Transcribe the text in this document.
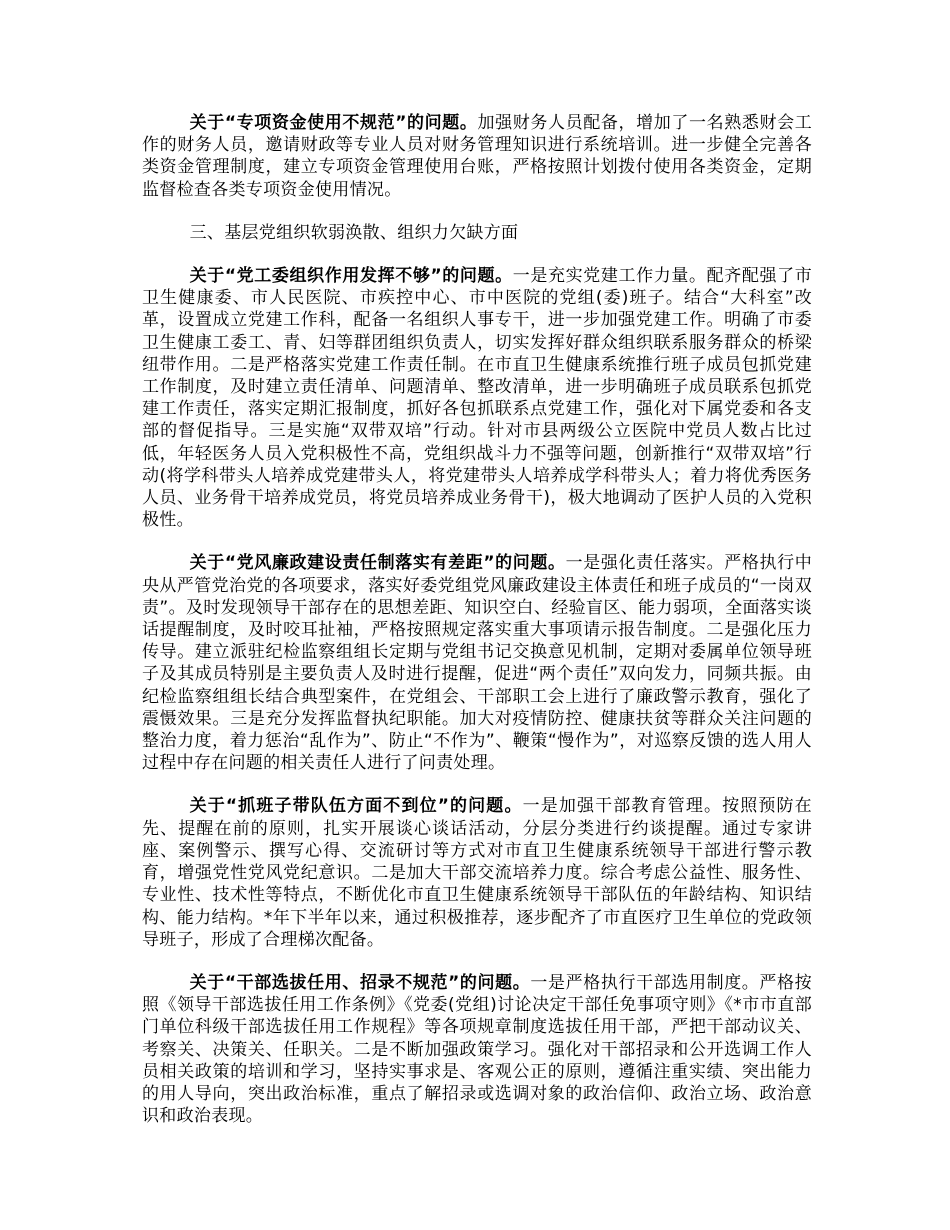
关于“专项资金使用不规范”的问题。加强财务人员配备，增加了一名熟悉财会工作的财务人员，邀请财政等专业人员对财务管理知识进行系统培训。进一步健全完善各类资金管理制度，建立专项资金管理使用台账，严格按照计划拨付使用各类资金，定期监督检查各类专项资金使用情况。

三、基层党组织软弱涣散、组织力欠缺方面

关于“党工委组织作用发挥不够”的问题。一是充实党建工作力量。配齐配强了市卫生健康委、市人民医院、市疾控中心、市中医院的党组(委)班子。结合“大科室”改革，设置成立党建工作科，配备一名组织人事专干，进一步加强党建工作。明确了市委卫生健康工委工、青、妇等群团组织负责人，切实发挥好群众组织联系服务群众的桥梁纽带作用。二是严格落实党建工作责任制。在市直卫生健康系统推行班子成员包抓党建工作制度，及时建立责任清单、问题清单、整改清单，进一步明确班子成员联系包抓党建工作责任，落实定期汇报制度，抓好各包抓联系点党建工作，强化对下属党委和各支部的督促指导。三是实施“双带双培”行动。针对市县两级公立医院中党员人数占比过低，年轻医务人员入党积极性不高，党组织战斗力不强等问题，创新推行“双带双培”行动(将学科带头人培养成党建带头人，将党建带头人培养成学科带头人；着力将优秀医务人员、业务骨干培养成党员，将党员培养成业务骨干)，极大地调动了医护人员的入党积极性。

关于“党风廉政建设责任制落实有差距”的问题。一是强化责任落实。严格执行中央从严管党治党的各项要求，落实好委党组党风廉政建设主体责任和班子成员的“一岗双责”。及时发现领导干部存在的思想差距、知识空白、经验盲区、能力弱项，全面落实谈话提醒制度，及时咬耳扯袖，严格按照规定落实重大事项请示报告制度。二是强化压力传导。建立派驻纪检监察组组长定期与党组书记交换意见机制，定期对委属单位领导班子及其成员特别是主要负责人及时进行提醒，促进“两个责任”双向发力，同频共振。由纪检监察组组长结合典型案件，在党组会、干部职工会上进行了廉政警示教育，强化了震慑效果。三是充分发挥监督执纪职能。加大对疫情防控、健康扶贫等群众关注问题的整治力度，着力惩治“乱作为”、防止“不作为”、鞭策“慢作为”，对巡察反馈的选人用人过程中存在问题的相关责任人进行了问责处理。

关于“抓班子带队伍方面不到位”的问题。一是加强干部教育管理。按照预防在先、提醒在前的原则，扎实开展谈心谈话活动，分层分类进行约谈提醒。通过专家讲座、案例警示、撰写心得、交流研讨等方式对市直卫生健康系统领导干部进行警示教育，增强党性党风党纪意识。二是加大干部交流培养力度。综合考虑公益性、服务性、专业性、技术性等特点，不断优化市直卫生健康系统领导干部队伍的年龄结构、知识结构、能力结构。*年下半年以来，通过积极推荐，逐步配齐了市直医疗卫生单位的党政领导班子，形成了合理梯次配备。

关于“干部选拔任用、招录不规范”的问题。一是严格执行干部选用制度。严格按照《领导干部选拔任用工作条例》《党委(党组)讨论决定干部任免事项守则》《*市市直部门单位科级干部选拔任用工作规程》等各项规章制度选拔任用干部，严把干部动议关、考察关、决策关、任职关。二是不断加强政策学习。强化对干部招录和公开选调工作人员相关政策的培训和学习，坚持实事求是、客观公正的原则，遵循注重实绩、突出能力的用人导向，突出政治标准，重点了解招录或选调对象的政治信仰、政治立场、政治意识和政治表现。
